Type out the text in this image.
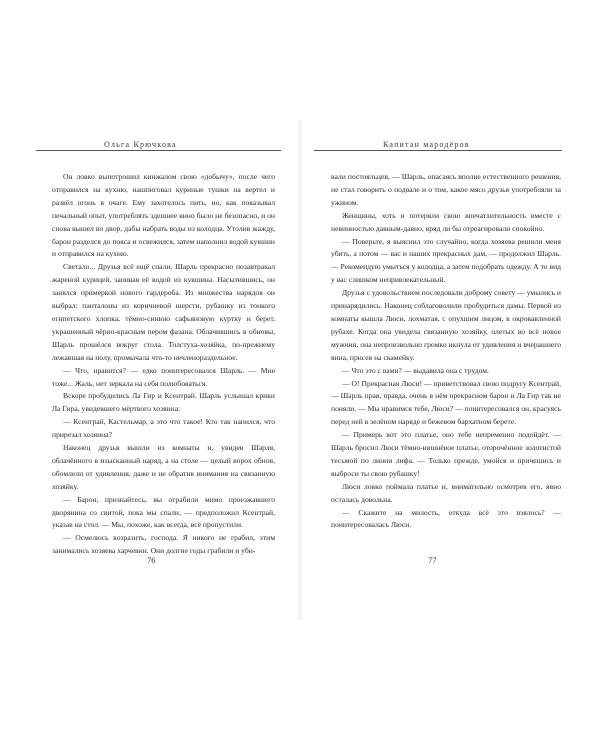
Ольга Крючкова

Он ловко выпотрошил кинжалом свою «добычу», после чего отправился на кухню, нашпиговал куриные тушки на вертел и развёл огонь в очаге. Ему захотелось пить, но, как показывал печальный опыт, употреблять здешнее вино было не безопасно, и он снова вышел во двор, дабы набрать воды из колодца. Утолив жажду, барон разделся до пояса и освежился, затем наполнил водой кувшин и отправился на кухню.

Светало... Друзья всё ещё спали. Шарль прекрасно позавтракал жареной курицей, запивая её водой из кувшина. Насытившись, он занялся примеркой нового гардероба. Из множества нарядов он выбрал: панталоны из коричневой шерсти, рубашку из тонкого египетского хлопка, тёмно-синюю сафьяновую куртку и берет, украшенный чёрно-красным пером фазана. Облачившись в обновы, Шарль прошёлся вокруг стола. Толстуха-хозяйка, по-прежнему лежавшая на полу, промычала что-то нечленораздельное.

— Что, нравится? — едко поинтересовался Шарль. — Мне тоже... Жаль, нет зеркала на себя полюбоваться.

Вскоре пробудились Ла Гир и Ксентрай. Шарль услышал крики Ла Гира, увидевшего мёртвого хозяина:

— Ксентрай, Кастельмар, а это что такое! Кто так напился, что прирезал хозяина?

Наконец друзья вышли из комнаты и, увидев Шарля, облачённого в изысканный наряд, а на столе — целый ворох обнов, обомлели от удивления, даже и не обратив внимания на связанную хозяйку.

— Барон, признайтесь, вы ограбили мимо проезжавшего дворянина со свитой, пока мы спали, — предположил Ксентрай, указав на стол. — Мы, похоже, как всегда, всё пропустили.

— Осмелюсь возразить, господа. Я никого не грабил, этим занимались хозяева харчевни. Они долгие годы грабили и уби-

76
Капитан мародёров

вали постояльцев, — Шарль, опасаясь вполне естественного решения, не стал говорить о подвале и о том, какое мясо друзья употребляли за ужином.

Женщины, хоть и потеряли свою впечатлительность вместе с невинностью давным-давно, вряд ли бы отреагировали спокойно.

— Поверьте, я выяснил это случайно, когда хозяева решили меня убить, а потом — вас и наших прекрасных дам, — продолжил Шарль. — Рекомендую умыться у колодца, а затем подобрать одежду. А то вид у вас слишком непривлекательный.

Друзья с удовольствием последовали доброму совету — умылись и принарядились. Наконец соблаговолили пробудиться дамы. Первой из комнаты вышла Люси, лохматая, с опухшим лицом, в окровавленной рубахе. Когда она увидела связанную хозяйку, олетых во всё новое мужчин, она непроизвольно громко икнула от удивления и вчерашнего вина, присев на скамейку.

— Что это с вами? — выдавила она с трудом.

— О! Прекрасная Люси! — приветствовал свою подругу Ксентрай, — Шарль прав, правда, очень в нём прекрасном барон и Ла Гир так не поняли. — Мы нравимся тебе, Люси? — поинтересовался он, красуясь перед ней в зелёном наряде и бежевом бархатном берете.

— Примерь вот это платье, оно тебе непременно подойдёт. — Шарль бросил Люси тёмно-вишнёвое платье, оторочённое золотистой тесьмой по линии лифа. — Только прежде, умойся и причешись и выброси ты свою рубашку!

Люси ловко поймала платье и, внимательно осмотрев его, явно осталась довольна.

— Скажите на милость, откуда всё это взялось? — поинтересовалась Люси.

77
